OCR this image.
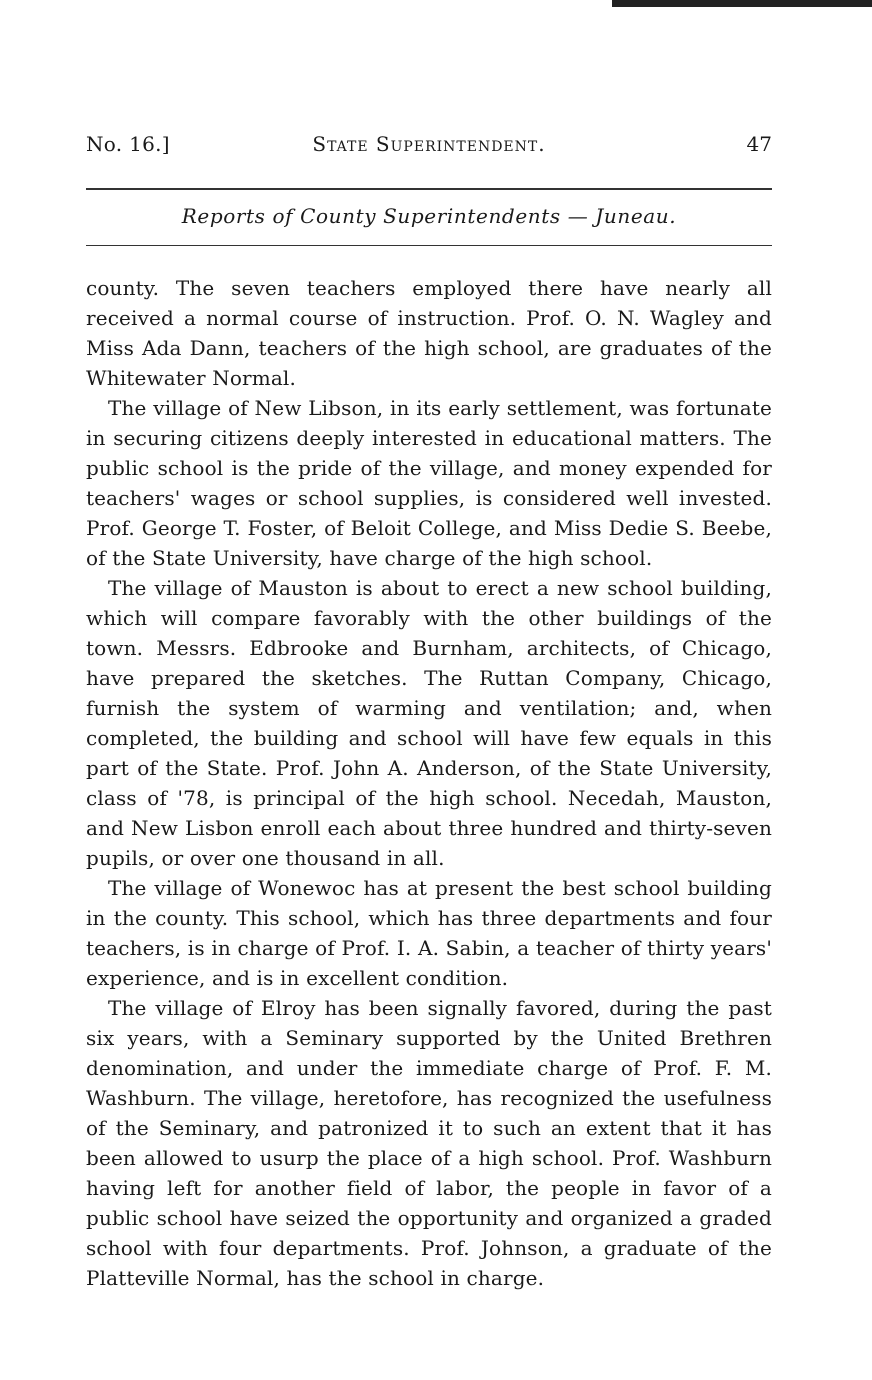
No. 16.]	State Superintendent.	47
Reports of County Superintendents — Juneau.

county. The seven teachers employed there have nearly all received a normal course of instruction. Prof. O. N. Wagley and Miss Ada Dann, teachers of the high school, are graduates of the Whitewater Normal.

The village of New Libson, in its early settlement, was fortunate in securing citizens deeply interested in educational matters. The public school is the pride of the village, and money expended for teachers' wages or school supplies, is considered well invested. Prof. George T. Foster, of Beloit College, and Miss Dedie S. Beebe, of the State University, have charge of the high school.

The village of Mauston is about to erect a new school building, which will compare favorably with the other buildings of the town. Messrs. Edbrooke and Burnham, architects, of Chicago, have prepared the sketches. The Ruttan Company, Chicago, furnish the system of warming and ventilation; and, when completed, the building and school will have few equals in this part of the State. Prof. John A. Anderson, of the State University, class of '78, is principal of the high school. Necedah, Mauston, and New Lisbon enroll each about three hundred and thirty-seven pupils, or over one thousand in all.

The village of Wonewoc has at present the best school building in the county. This school, which has three departments and four teachers, is in charge of Prof. I. A. Sabin, a teacher of thirty years' experience, and is in excellent condition.

The village of Elroy has been signally favored, during the past six years, with a Seminary supported by the United Brethren denomination, and under the immediate charge of Prof. F. M. Washburn. The village, heretofore, has recognized the usefulness of the Seminary, and patronized it to such an extent that it has been allowed to usurp the place of a high school. Prof. Washburn having left for another field of labor, the people in favor of a public school have seized the opportunity and organized a graded school with four departments. Prof. Johnson, a graduate of the Platteville Normal, has the school in charge.
